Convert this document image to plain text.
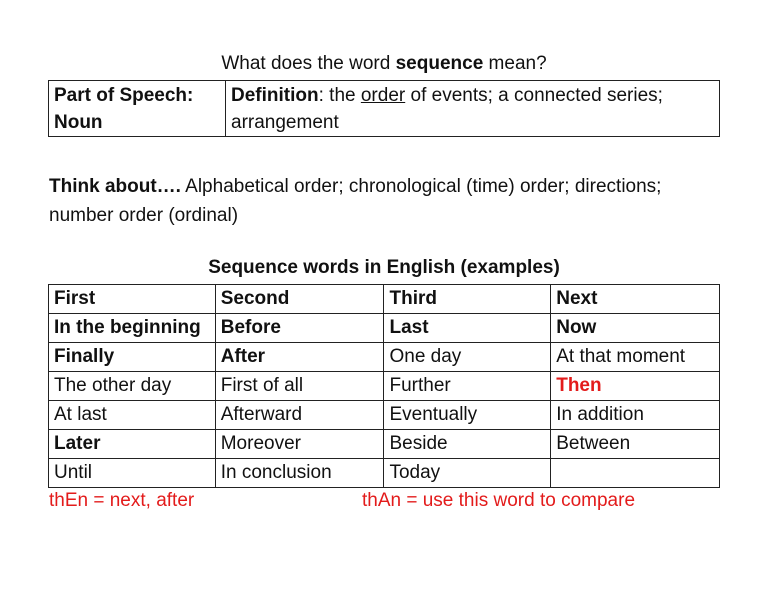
What does the word sequence mean?
Part of Speech:
Noun	Definition: the order of events; a connected series; arrangement
Think about…. Alphabetical order; chronological (time) order; directions; number order (ordinal)
Sequence words in English (examples)
First	Second	Third	Next
In the beginning	Before	Last	Now
Finally	After	One day	At that moment
The other day	First of all	Further	Then
At last	Afterward	Eventually	In addition
Later	Moreover	Beside	Between
Until	In conclusion	Today	
thEn = next, after	thAn = use this word to compare
